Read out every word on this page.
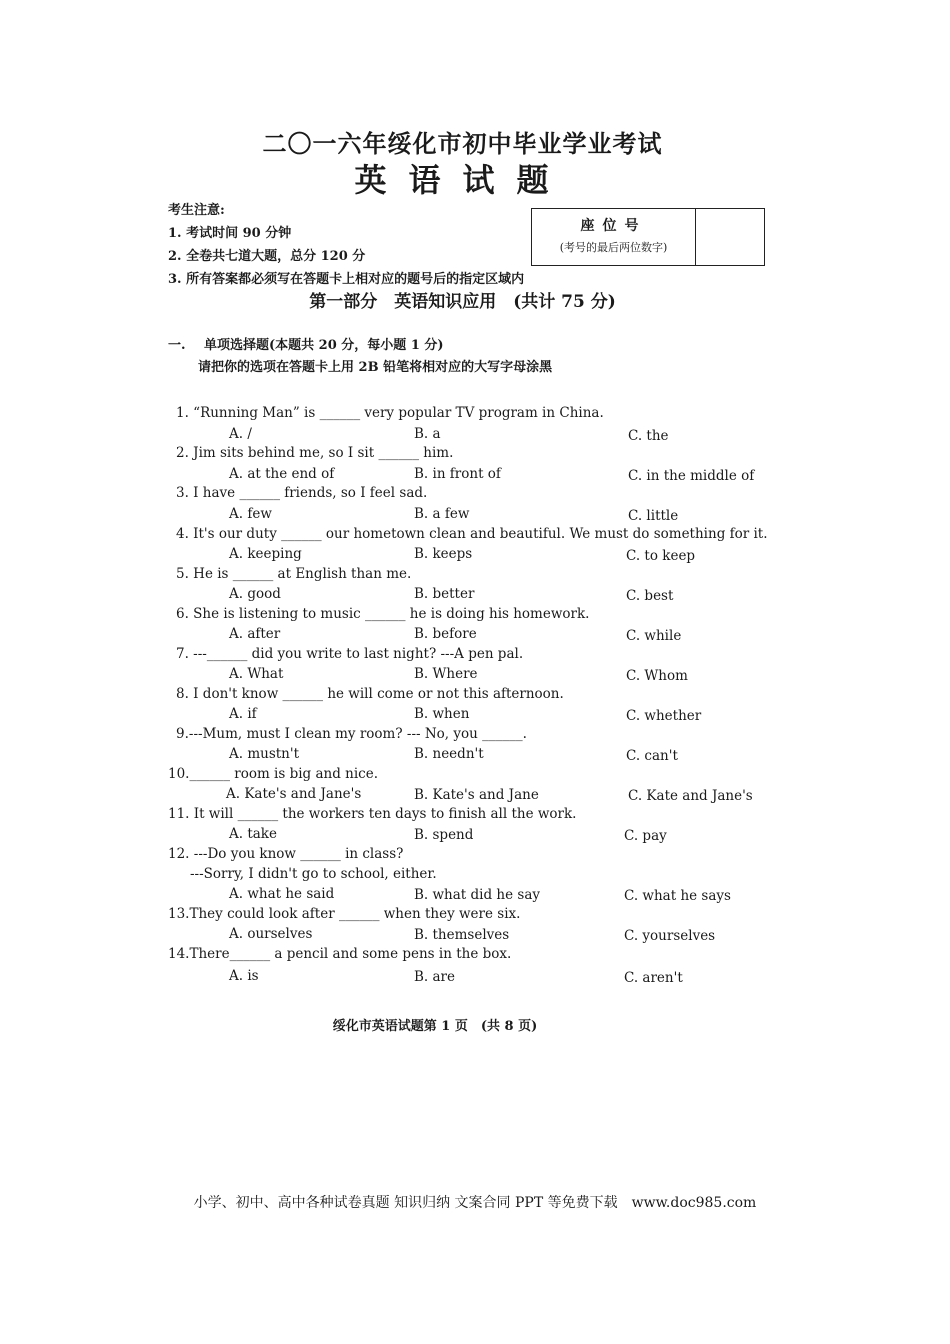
二〇一六年绥化市初中毕业学业考试
英语试题
考生注意:
1. 考试时间 90 分钟
2. 全卷共七道大题，总分 120 分
3. 所有答案都必须写在答题卡上相对应的题号后的指定区域内
座位号
(考号的最后两位数字)
第一部分　英语知识应用　(共计 75 分)
一. 单项选择题(本题共 20 分，每小题 1 分)
请把你的选项在答题卡上用 2B 铅笔将相对应的大写字母涂黑
1. “Running Man” is ______ very popular TV program in China.
A. /	B. a	C. the
2. Jim sits behind me, so I sit ______ him.
A. at the end of	B. in front of	C. in the middle of
3. I have ______ friends, so I feel sad.
A. few	B. a few	C. little
4. It's our duty ______ our hometown clean and beautiful. We must do something for it.
A. keeping	B. keeps	C. to keep
5. He is ______ at English than me.
A. good	B. better	C. best
6. She is listening to music ______ he is doing his homework.
A. after	B. before	C. while
7. ---______ did you write to last night? ---A pen pal.
A. What	B. Where	C. Whom
8. I don't know ______ he will come or not this afternoon.
A. if	B. when	C. whether
9.---Mum, must I clean my room? --- No, you ______.
A. mustn't	B. needn't	C. can't
10.______ room is big and nice.
A. Kate's and Jane's	B. Kate's and Jane	C. Kate and Jane's
11. It will ______ the workers ten days to finish all the work.
A. take	B. spend	C. pay
12. ---Do you know ______ in class?
---Sorry, I didn't go to school, either.
A. what he said	B. what did he say	C. what he says
13.They could look after ______ when they were six.
A. ourselves	B. themselves	C. yourselves
14.There______ a pencil and some pens in the box.
A. is	B. are	C. aren't
绥化市英语试题第 1 页　(共 8 页)
小学、初中、高中各种试卷真题 知识归纳 文案合同 PPT 等免费下载　www.doc985.com
